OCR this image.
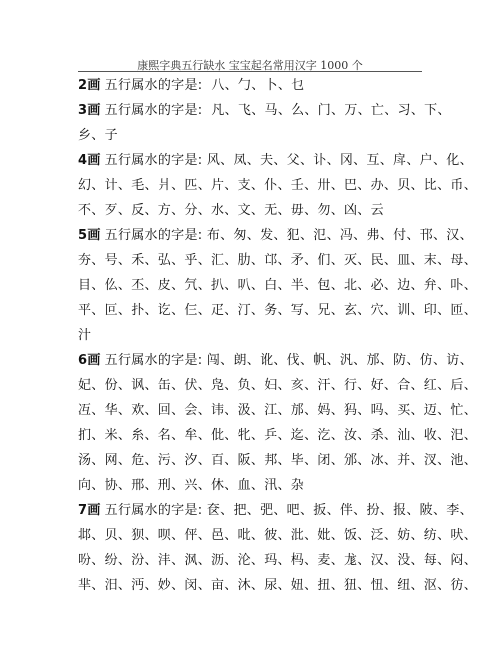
康熙字典五行缺水 宝宝起名常用汉字 1000 个
2画 五行属水的字是: 八、勹、卜、乜
3画 五行属水的字是: 凡、飞、马、么、门、万、亡、习、下、
乡、子
4画 五行属水的字是: 风、凤、夫、父、讣、冈、互、戽、户、化、
幻、计、毛、爿、匹、片、支、仆、壬、卅、巴、办、贝、比、币、
不、歹、反、方、分、水、文、无、毋、勿、凶、云
5画 五行属水的字是: 布、匆、发、犯、氾、冯、弗、付、邗、汉、
夯、号、禾、弘、乎、汇、肋、邙、矛、们、灭、民、皿、末、母、
目、仫、丕、皮、氕、扒、叭、白、半、包、北、必、边、弁、卟、
平、叵、扑、讫、仨、疋、汀、务、写、兄、玄、穴、训、印、匝、
汁
6画 五行属水的字是: 闯、朗、讹、伐、帆、汎、邡、防、仿、访、
妃、份、讽、缶、伏、凫、负、妇、亥、汗、行、好、合、红、后、
冱、华、欢、回、会、讳、汲、江、邡、妈、犸、吗、买、迈、忙、
扪、米、糸、名、牟、仳、牝、乒、迄、汔、汝、杀、汕、收、汜、
汤、网、危、污、汐、百、阪、邦、毕、闭、邠、冰、并、汊、池、
向、协、邢、刑、兴、休、血、汛、杂
7画 五行属水的字是: 奁、把、弝、吧、扳、伴、扮、报、陂、李、
邶、贝、狈、呗、伻、邑、吡、彼、沘、妣、饭、泛、妨、纺、吠、
吩、纷、汾、沣、沨、沥、沦、玛、杩、麦、尨、汉、没、每、闷、
芈、汨、沔、妙、闵、亩、沐、尿、妞、扭、狃、忸、纽、沤、彷、
